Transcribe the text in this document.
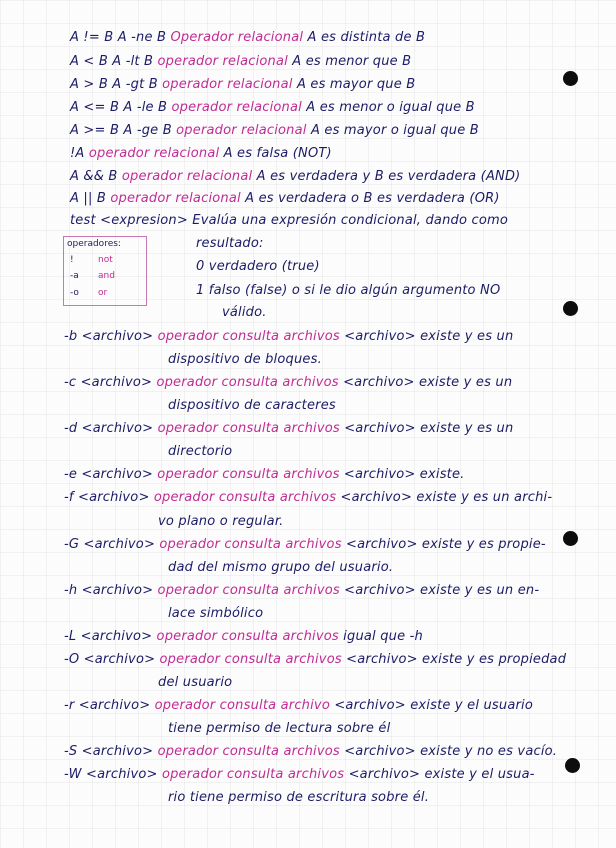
A != B A -ne B Operador relacional A es distinta de B
A < B A -lt B operador relacional A es menor que B
A > B A -gt B operador relacional A es mayor que B
A <= B A -le B operador relacional A es menor o igual que B
A >= B A -ge B operador relacional A es mayor o igual que B
!A operador relacional A es falsa (NOT)
A && B operador relacional A es verdadera y B es verdadera (AND)
A || B operador relacional A es verdadera o B es verdadera (OR)
test <expresion> Evalúa una expresión condicional, dando como
resultado:
0 verdadero (true)
1 falso (false) o si le dio algún argumento NO
válido.
operadores:
!	not
-a and
-o or
-b <archivo> operador consulta archivos <archivo> existe y es un
dispositivo de bloques.
-c <archivo> operador consulta archivos <archivo> existe y es un
dispositivo de caracteres
-d <archivo> operador consulta archivos <archivo> existe y es un
directorio
-e <archivo> operador consulta archivos <archivo> existe.
-f <archivo> operador consulta archivos <archivo> existe y es un archi-
vo plano o regular.
-G <archivo> operador consulta archivos <archivo> existe y es propie-
dad del mismo grupo del usuario.
-h <archivo> operador consulta archivos <archivo> existe y es un en-
lace simbólico
-L <archivo> operador consulta archivos igual que -h
-O <archivo> operador consulta archivos <archivo> existe y es propiedad
del usuario
-r <archivo> operador consulta archivo <archivo> existe y el usuario
tiene permiso de lectura sobre él
-S <archivo> operador consulta archivos <archivo> existe y no es vacío.
-W <archivo> operador consulta archivos <archivo> existe y el usua-
rio tiene permiso de escritura sobre él.
